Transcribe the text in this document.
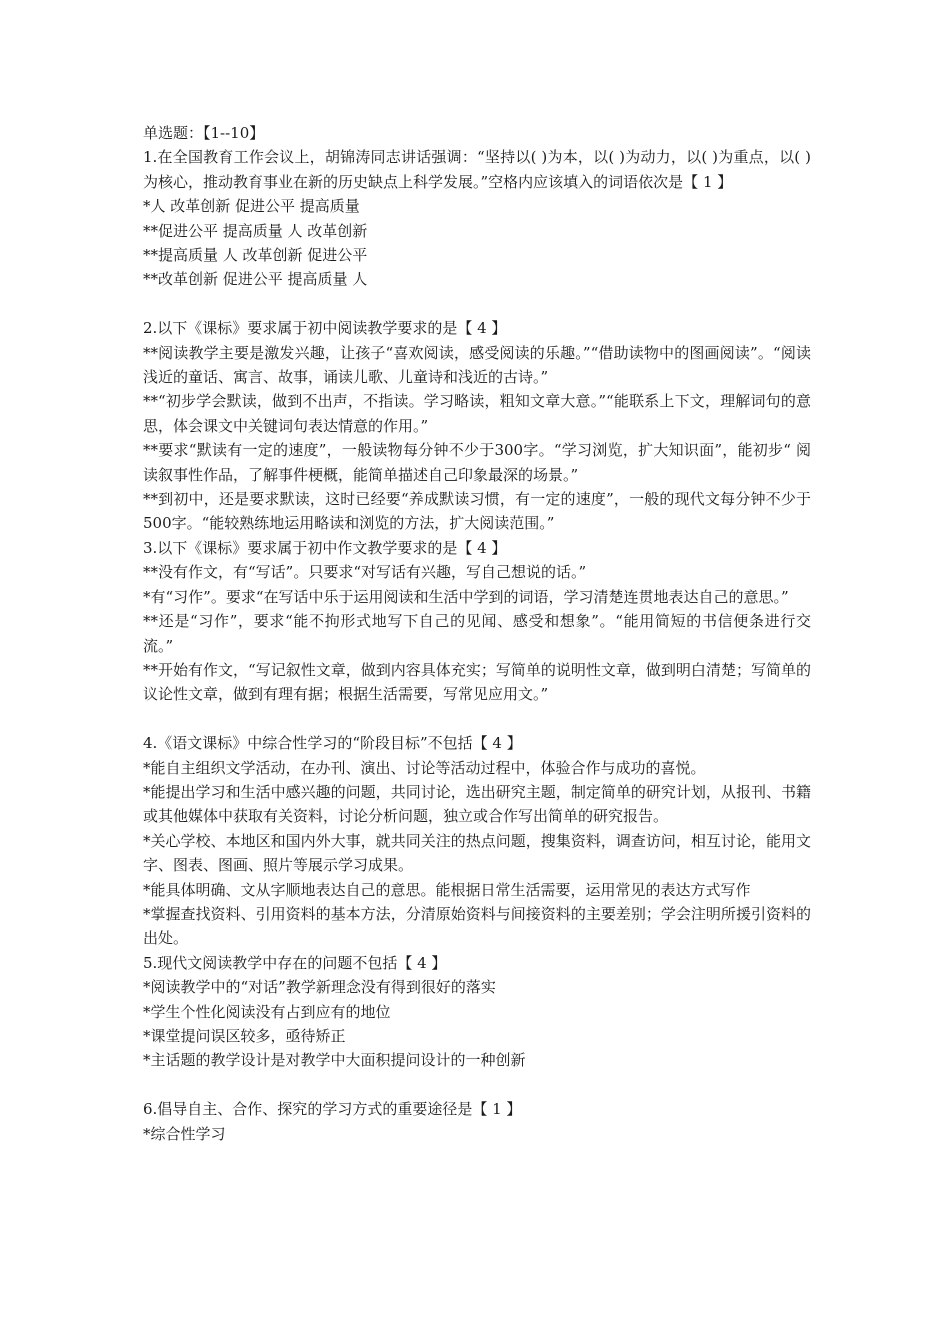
单选题：【1--10】
1.在全国教育工作会议上，胡锦涛同志讲话强调：“坚持以( )为本，以( )为动力，以( )为重点，以( )为核心，推动教育事业在新的历史缺点上科学发展。”空格内应该填入的词语依次是【 1 】
*人 改革创新 促进公平 提高质量
**促进公平 提高质量 人 改革创新
**提高质量 人 改革创新 促进公平
**改革创新 促进公平 提高质量 人
2.以下《课标》要求属于初中阅读教学要求的是【 4 】
**阅读教学主要是激发兴趣，让孩子“喜欢阅读，感受阅读的乐趣。”“借助读物中的图画阅读”。“阅读浅近的童话、寓言、故事，诵读儿歌、儿童诗和浅近的古诗。”
**“初步学会默读，做到不出声，不指读。学习略读，粗知文章大意。”“能联系上下文，理解词句的意思，体会课文中关键词句表达情意的作用。”
**要求“默读有一定的速度”，一般读物每分钟不少于300字。“学习浏览，扩大知识面”，能初步“ 阅读叙事性作品，了解事件梗概，能简单描述自己印象最深的场景。”
**到初中，还是要求默读，这时已经要“养成默读习惯，有一定的速度”，一般的现代文每分钟不少于500字。“能较熟练地运用略读和浏览的方法，扩大阅读范围。”
3.以下《课标》要求属于初中作文教学要求的是【 4 】
**没有作文，有“写话”。只要求“对写话有兴趣，写自己想说的话。”
*有“习作”。要求“在写话中乐于运用阅读和生活中学到的词语，学习清楚连贯地表达自己的意思。”
**还是“习作”，要求“能不拘形式地写下自己的见闻、感受和想象”。“能用简短的书信便条进行交流。”
**开始有作文，“写记叙性文章，做到内容具体充实；写简单的说明性文章，做到明白清楚；写简单的议论性文章，做到有理有据；根据生活需要，写常见应用文。”
4.《语文课标》中综合性学习的“阶段目标”不包括【 4 】
*能自主组织文学活动，在办刊、演出、讨论等活动过程中，体验合作与成功的喜悦。
*能提出学习和生活中感兴趣的问题，共同讨论，选出研究主题，制定简单的研究计划，从报刊、书籍或其他媒体中获取有关资料，讨论分析问题，独立或合作写出简单的研究报告。
*关心学校、本地区和国内外大事，就共同关注的热点问题，搜集资料，调查访问，相互讨论，能用文字、图表、图画、照片等展示学习成果。
*能具体明确、文从字顺地表达自己的意思。能根据日常生活需要，运用常见的表达方式写作
*掌握查找资料、引用资料的基本方法，分清原始资料与间接资料的主要差别；学会注明所援引资料的出处。
5.现代文阅读教学中存在的问题不包括【 4 】
*阅读教学中的“对话”教学新理念没有得到很好的落实
*学生个性化阅读没有占到应有的地位
*课堂提问误区较多，亟待矫正
*主话题的教学设计是对教学中大面积提问设计的一种创新
6.倡导自主、合作、探究的学习方式的重要途径是【 1 】
*综合性学习
